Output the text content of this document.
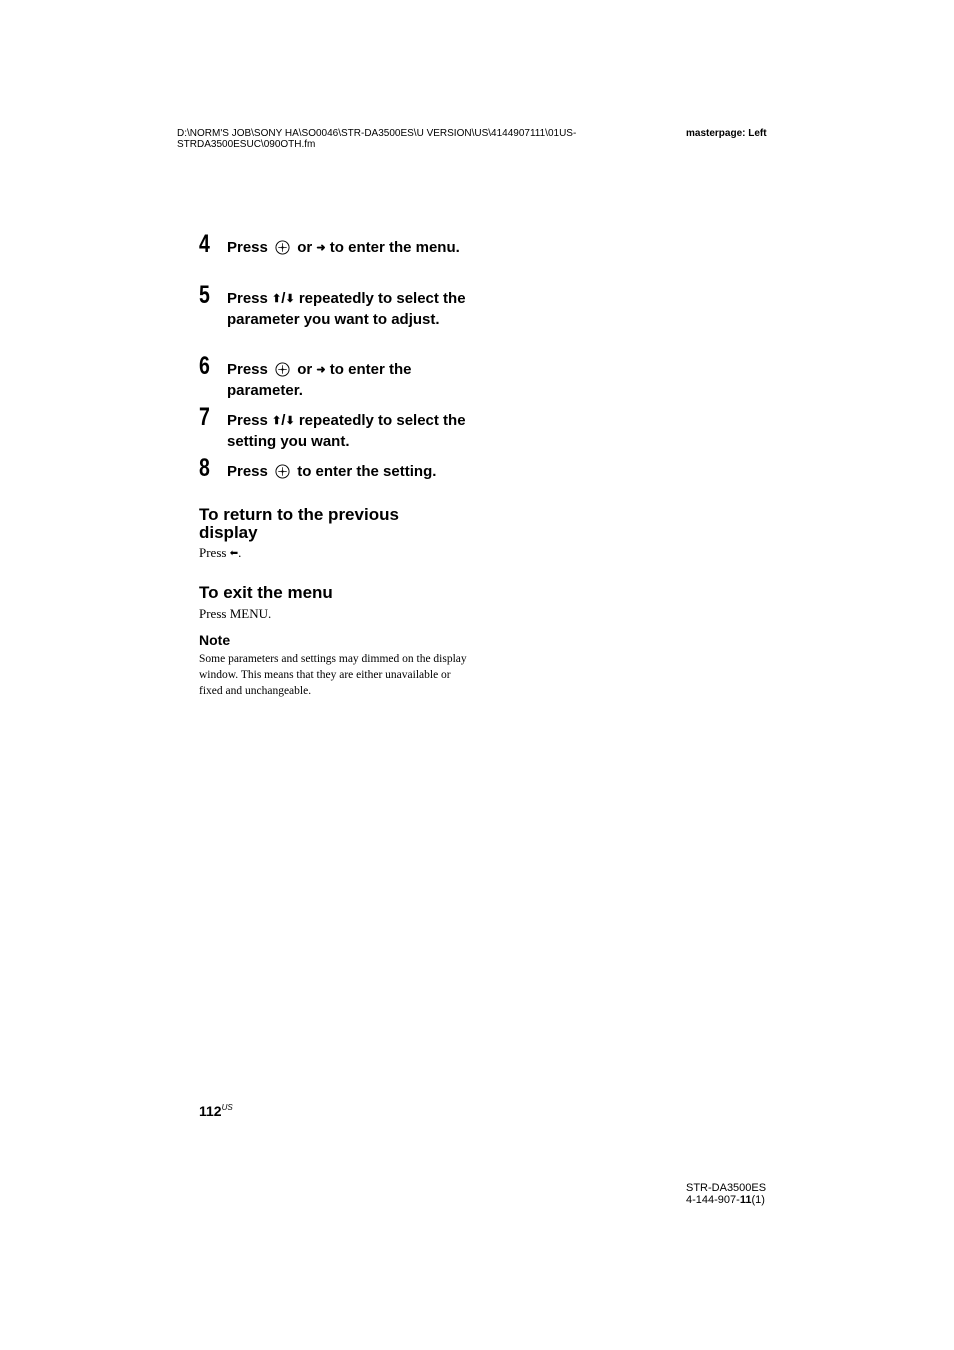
D:\NORM'S JOB\SONY HA\SO0046\STR-DA3500ES\U VERSION\US\4144907111\01US-STRDA3500ESUC\090OTH.fm
masterpage: Left
4 Press or ➜ to enter the menu.
5 Press ⬆/⬇ repeatedly to select the parameter you want to adjust.
6 Press or ➜ to enter the parameter.
7 Press ⬆/⬇ repeatedly to select the setting you want.
8 Press to enter the setting.
To return to the previous display
Press ⬅.
To exit the menu
Press MENU.
Note
Some parameters and settings may dimmed on the display window. This means that they are either unavailable or fixed and unchangeable.
$112^{US}$
STR-DA3500ES
4-144-907-11(1)
